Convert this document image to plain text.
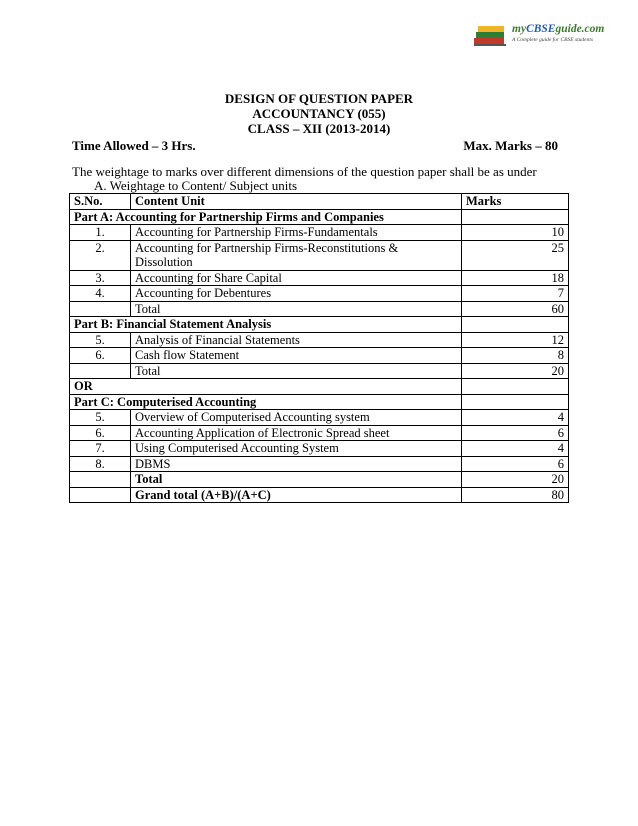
myCBSEguide.com
A Complete guide for CBSE students
DESIGN OF QUESTION PAPER
ACCOUNTANCY (055)
CLASS – XII (2013-2014)
Time Allowed – 3 Hrs.	Max. Marks – 80
The weightage to marks over different dimensions of the question paper shall be as under
A. Weightage to Content/ Subject units
S.No.	Content Unit	Marks
Part A: Accounting for Partnership Firms and Companies		
1.	Accounting for Partnership Firms-Fundamentals	10
2.	Accounting for Partnership Firms-Reconstitutions &
Dissolution	25
3.	Accounting for Share Capital	18
4.	Accounting for Debentures	7
	Total	60
Part B: Financial Statement Analysis		
5.	Analysis of Financial Statements	12
6.	Cash flow Statement	8
	Total	20
OR		
Part C: Computerised Accounting		
5.	Overview of Computerised Accounting system	4
6.	Accounting Application of Electronic Spread sheet	6
7.	Using Computerised Accounting System	4
8.	DBMS	6
	Total	20
	Grand total (A+B)/(A+C)	80
